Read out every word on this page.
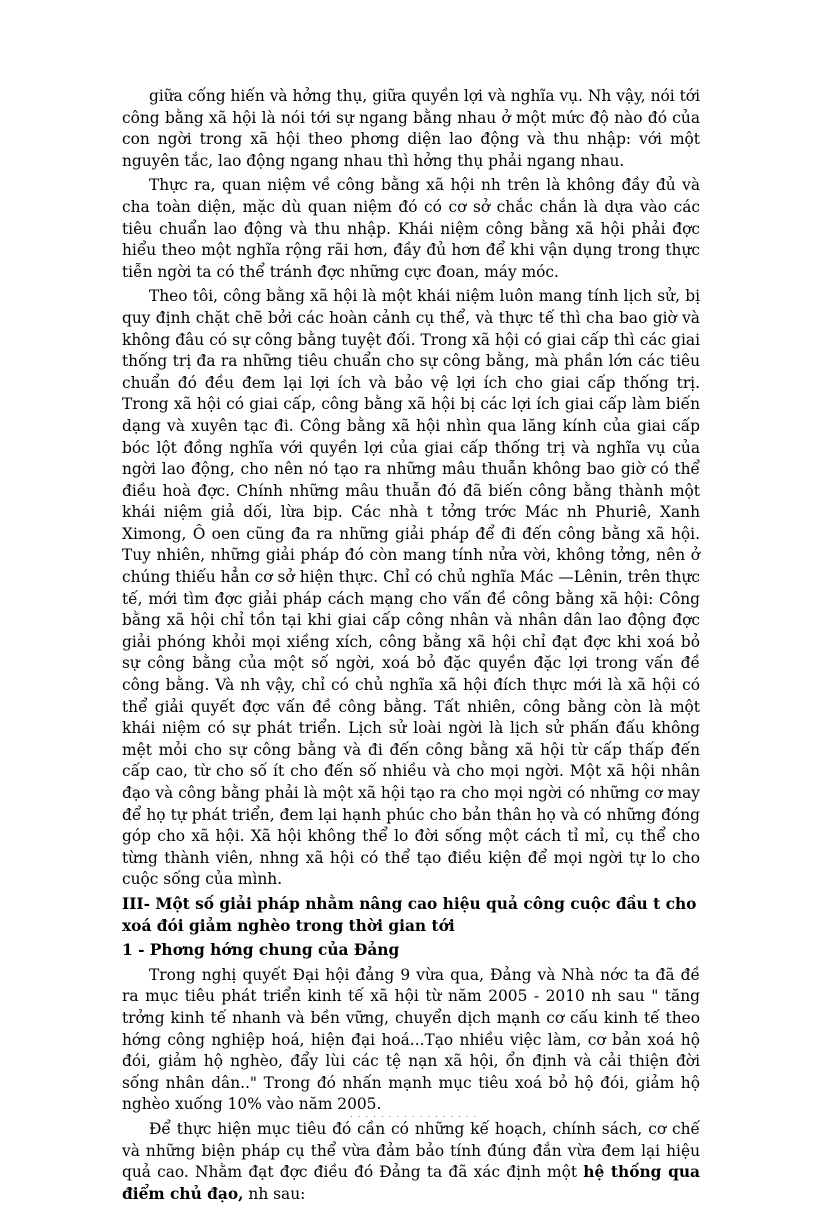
giữa cống hiến và hởng thụ, giữa quyền lợi và nghĩa vụ. Nh vậy, nói tới công bằng xã hội là nói tới sự ngang bằng nhau ở một mức độ nào đó của con ngời trong xã hội theo phơng diện lao động và thu nhập: với một nguyên tắc, lao động ngang nhau thì hởng thụ phải ngang nhau.

Thực ra, quan niệm về công bằng xã hội nh trên là không đầy đủ và cha toàn diện, mặc dù quan niệm đó có cơ sở chắc chắn là dựa vào các tiêu chuẩn lao động và thu nhập. Khái niệm công bằng xã hội phải đợc hiểu theo một nghĩa rộng rãi hơn, đầy đủ hơn để khi vận dụng trong thực tiễn ngời ta có thể tránh đợc những cực đoan, máy móc.

Theo tôi, công bằng xã hội là một khái niệm luôn mang tính lịch sử, bị quy định chặt chẽ bởi các hoàn cảnh cụ thể, và thực tế thì cha bao giờ và không đâu có sự công bằng tuyệt đối. Trong xã hội có giai cấp thì các giai thống trị đa ra những tiêu chuẩn cho sự công bằng, mà phần lớn các tiêu chuẩn đó đều đem lại lợi ích và bảo vệ lợi ích cho giai cấp thống trị. Trong xã hội có giai cấp, công bằng xã hội bị các lợi ích giai cấp làm biến dạng và xuyên tạc đi. Công bằng xã hội nhìn qua lăng kính của giai cấp bóc lột đồng nghĩa với quyền lợi của giai cấp thống trị và nghĩa vụ của ngời lao động, cho nên nó tạo ra những mâu thuẫn không bao giờ có thể điều hoà đợc. Chính những mâu thuẫn đó đã biến công bằng thành một khái niệm giả dối, lừa bịp. Các nhà t tởng trớc Mác nh Phuriê, Xanh Ximong, Ô oen cũng đa ra những giải pháp để đi đến công bằng xã hội. Tuy nhiên, những giải pháp đó còn mang tính nửa vời, không tởng, nên ở chúng thiếu hẳn cơ sở hiện thực. Chỉ có chủ nghĩa Mác —Lênin, trên thực tế, mới tìm đợc giải pháp cách mạng cho vấn đề công bằng xã hội: Công bằng xã hội chỉ tồn tại khi giai cấp công nhân và nhân dân lao động đợc giải phóng khỏi mọi xiềng xích, công bằng xã hội chỉ đạt đợc khi xoá bỏ sự công bằng của một số ngời, xoá bỏ đặc quyền đặc lợi trong vấn đề công bằng. Và nh vậy, chỉ có chủ nghĩa xã hội đích thực mới là xã hội có thể giải quyết đợc vấn đề công bằng. Tất nhiên, công bằng còn là một khái niệm có sự phát triển. Lịch sử loài ngời là lịch sử phấn đấu không mệt mỏi cho sự công bằng và đi đến công bằng xã hội từ cấp thấp đến cấp cao, từ cho số ít cho đến số nhiều và cho mọi ngời. Một xã hội nhân đạo và công bằng phải là một xã hội tạo ra cho mọi ngời có những cơ may để họ tự phát triển, đem lại hạnh phúc cho bản thân họ và có những đóng góp cho xã hội. Xã hội không thể lo đời sống một cách tỉ mỉ, cụ thể cho từng thành viên, nhng xã hội có thể tạo điều kiện để mọi ngời tự lo cho cuộc sống của mình.

III- Một số giải pháp nhằm nâng cao hiệu quả công cuộc đầu t cho xoá đói giảm nghèo trong thời gian tới

1 - Phơng hớng chung của Đảng

Trong nghị quyết Đại hội đảng 9 vừa qua, Đảng và Nhà nớc ta đã đề ra mục tiêu phát triển kinh tế xã hội từ năm 2005 - 2010 nh sau " tăng trởng kinh tế nhanh và bền vững, chuyển dịch mạnh cơ cấu kinh tế theo hớng công nghiệp hoá, hiện đại hoá...Tạo nhiều việc làm, cơ bản xoá hộ đói, giảm hộ nghèo, đẩy lùi các tệ nạn xã hội, ổn định và cải thiện đời sống nhân dân.." Trong đó nhấn mạnh mục tiêu xoá bỏ hộ đói, giảm hộ nghèo xuống 10% vào năm 2005.

Để thực hiện mục tiêu đó cần có những kế hoạch, chính sách, cơ chế và những biện pháp cụ thể vừa đảm bảo tính đúng đắn vừa đem lại hiệu quả cao. Nhằm đạt đợc điều đó Đảng ta đã xác định một hệ thống qua điểm chủ đạo, nh sau:

. . . . . . . . . . . . . . . . .
